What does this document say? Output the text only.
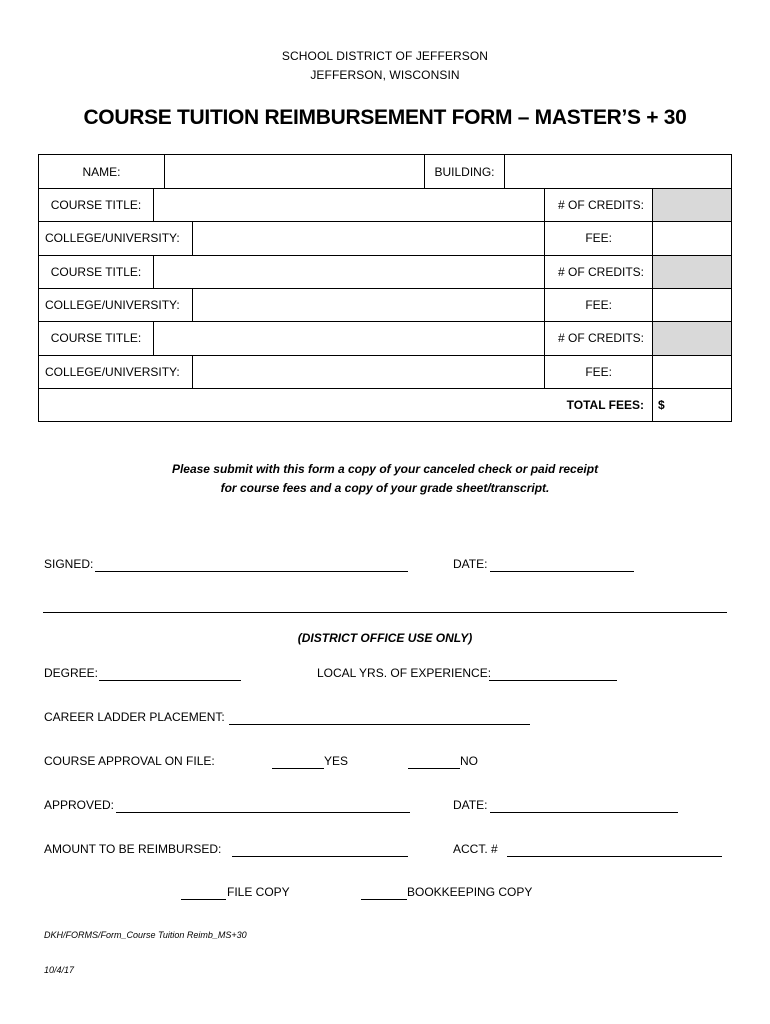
SCHOOL DISTRICT OF JEFFERSON
JEFFERSON, WISCONSIN
COURSE TUITION REIMBURSEMENT FORM – MASTER’S + 30
NAME:	BUILDING:
COURSE TITLE:	# OF CREDITS:
COLLEGE/UNIVERSITY:	FEE:
COURSE TITLE:	# OF CREDITS:
COLLEGE/UNIVERSITY:	FEE:
COURSE TITLE:	# OF CREDITS:
COLLEGE/UNIVERSITY:	FEE:
TOTAL FEES:	$
Please submit with this form a copy of your canceled check or paid receipt
for course fees and a copy of your grade sheet/transcript.
SIGNED:	DATE:
(DISTRICT OFFICE USE ONLY)
DEGREE:	LOCAL YRS. OF EXPERIENCE:
CAREER LADDER PLACEMENT:
COURSE APPROVAL ON FILE:	YES	NO
APPROVED:	DATE:
AMOUNT TO BE REIMBURSED:	ACCT. #
FILE COPY	BOOKKEEPING COPY
DKH/FORMS/Form_Course Tuition Reimb_MS+30
10/4/17
